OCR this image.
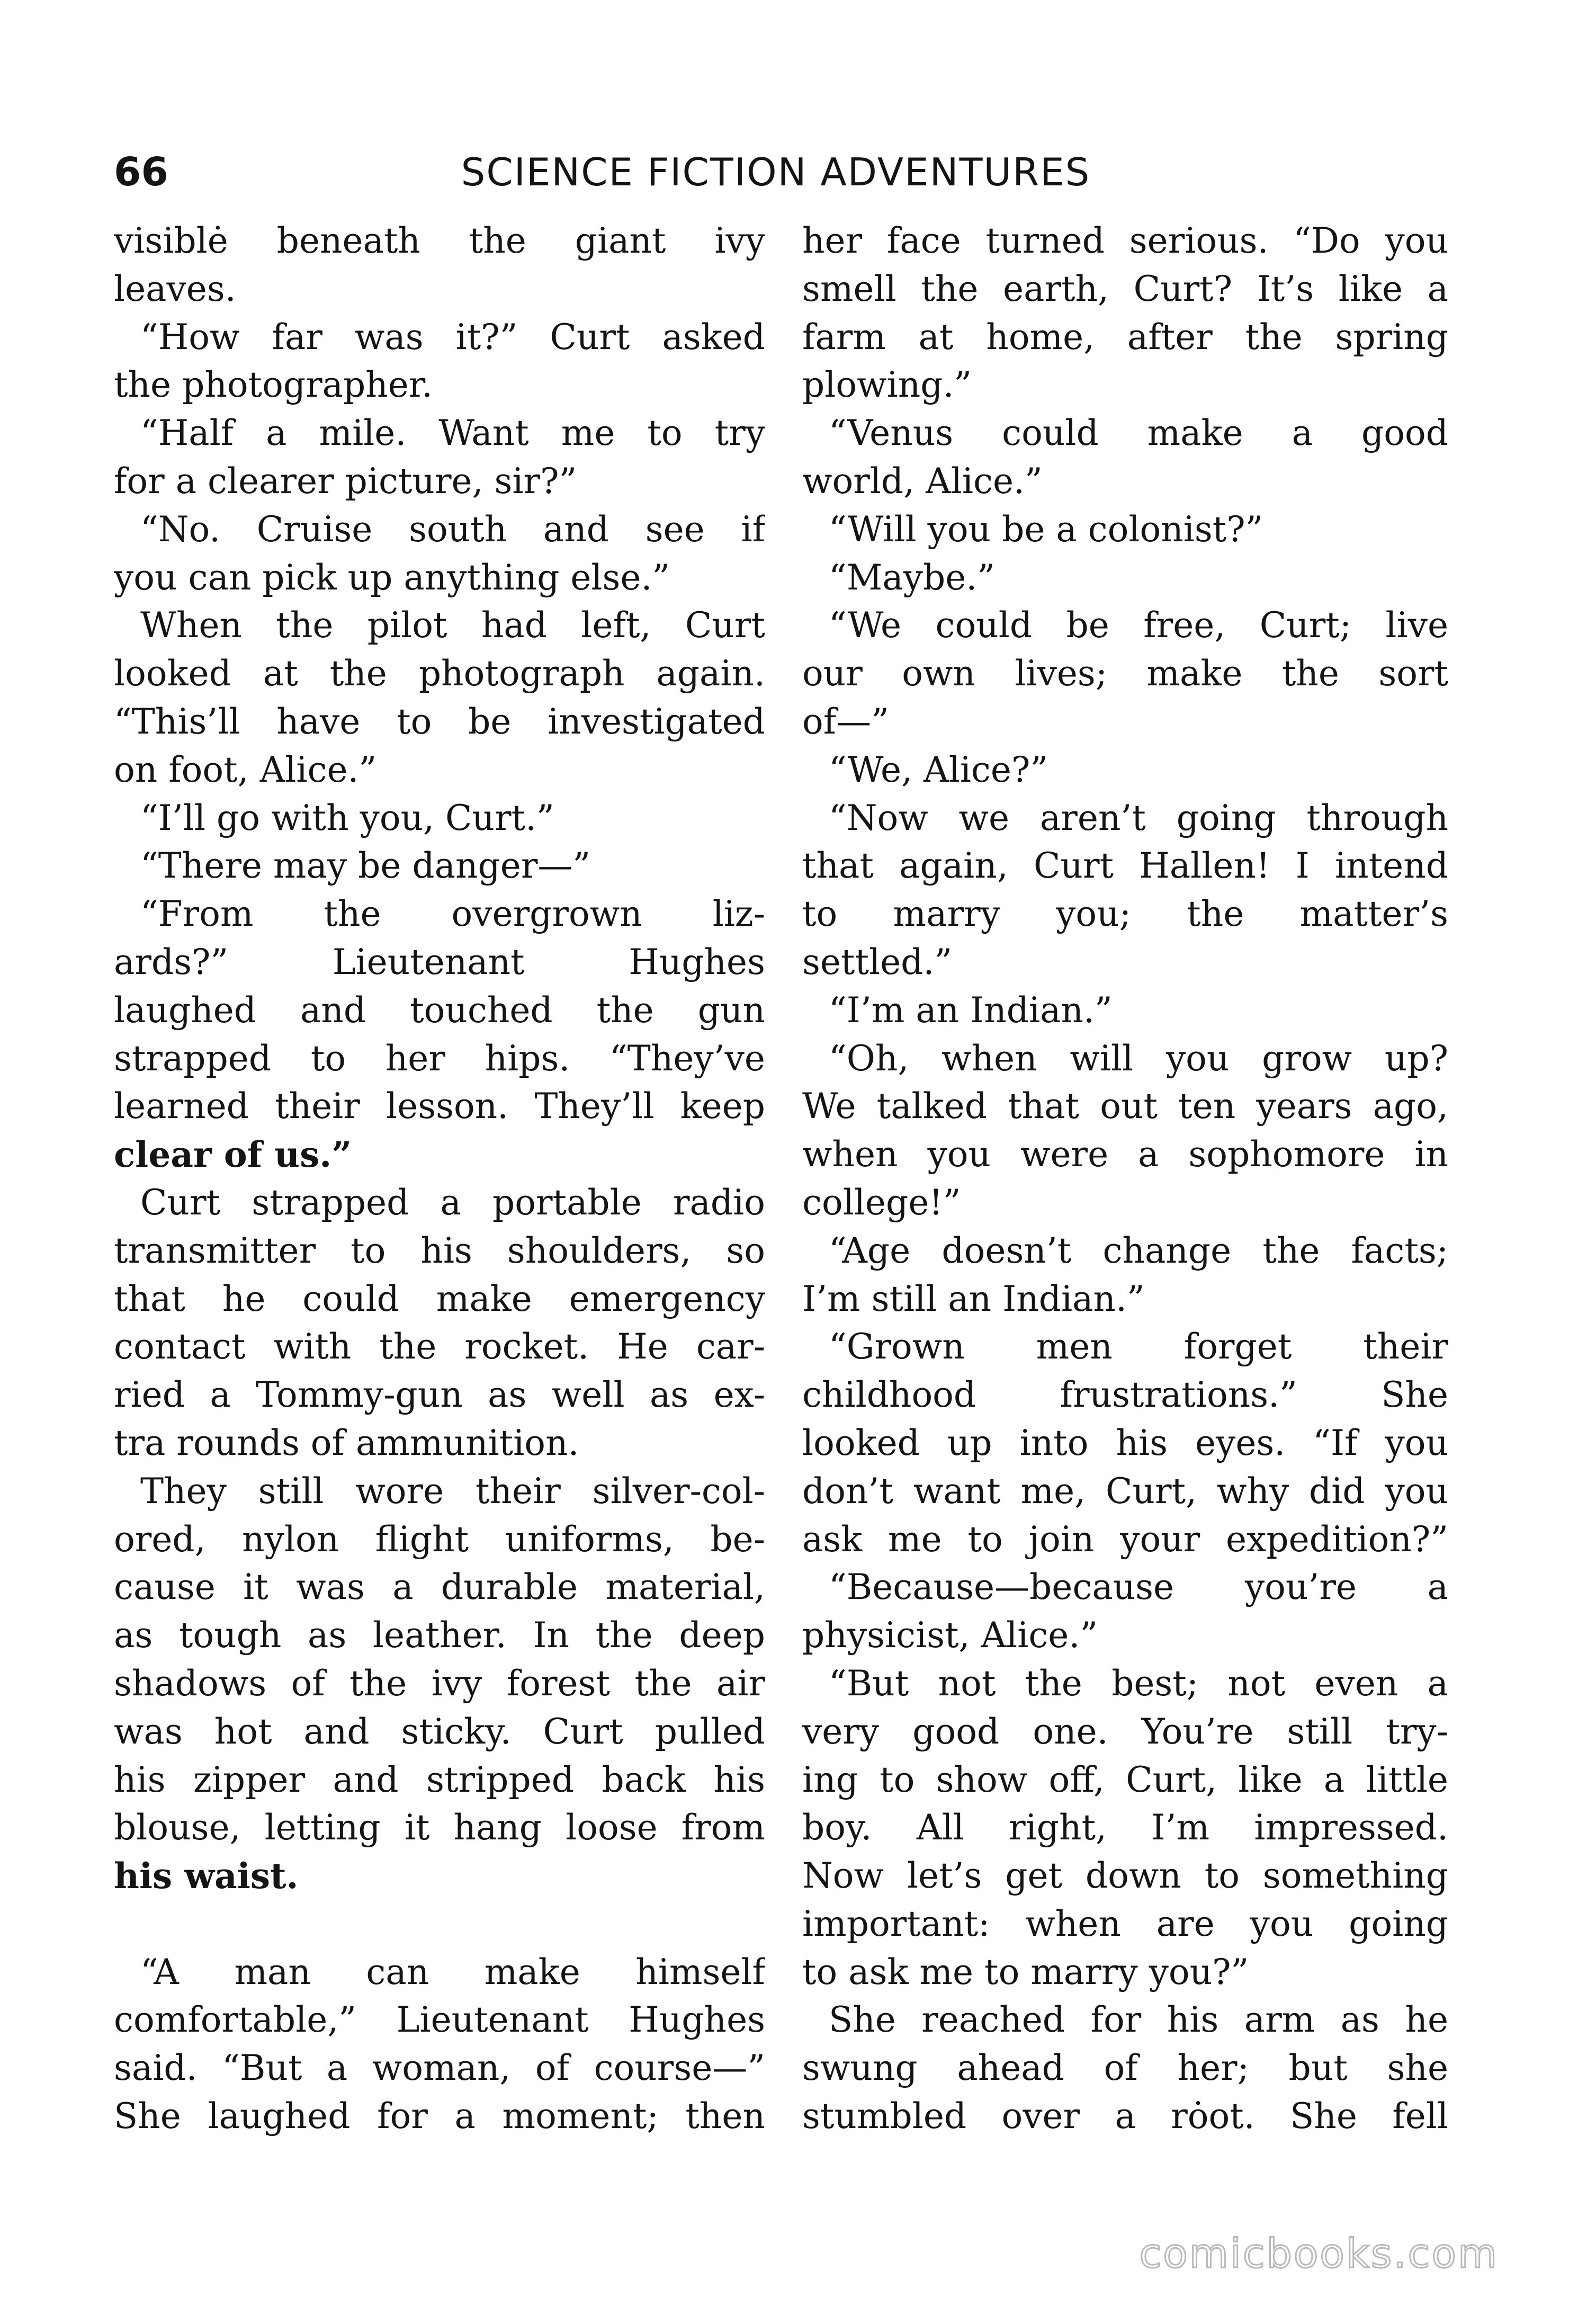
66	SCIENCE FICTION ADVENTURES
visiblė beneath the giant ivy
leaves.
“How far was it?” Curt asked
the photographer.
“Half a mile. Want me to try
for a clearer picture, sir?”
“No. Cruise south and see if
you can pick up anything else.”
When the pilot had left, Curt
looked at the photograph again.
“This’ll have to be investigated
on foot, Alice.”
“I’ll go with you, Curt.”
“There may be danger—”
“From the overgrown liz-
ards?” Lieutenant Hughes
laughed and touched the gun
strapped to her hips. “They’ve
learned their lesson. They’ll keep
clear of us.”
Curt strapped a portable radio
transmitter to his shoulders, so
that he could make emergency
contact with the rocket. He car-
ried a Tommy-gun as well as ex-
tra rounds of ammunition.
They still wore their silver-col-
ored, nylon flight uniforms, be-
cause it was a durable material,
as tough as leather. In the deep
shadows of the ivy forest the air
was hot and sticky. Curt pulled
his zipper and stripped back his
blouse, letting it hang loose from
his waist.
“A man can make himself
comfortable,” Lieutenant Hughes
said. “But a woman, of course—”
She laughed for a moment; then
her face turned serious. “Do you
smell the earth, Curt? It’s like a
farm at home, after the spring
plowing.”
“Venus could make a good
world, Alice.”
“Will you be a colonist?”
“Maybe.”
“We could be free, Curt; live
our own lives; make the sort
of—”
“We, Alice?”
“Now we aren’t going through
that again, Curt Hallen! I intend
to marry you; the matter’s
settled.”
“I’m an Indian.”
“Oh, when will you grow up?
We talked that out ten years ago,
when you were a sophomore in
college!”
“Age doesn’t change the facts;
I’m still an Indian.”
“Grown men forget their
childhood frustrations.” She
looked up into his eyes. “If you
don’t want me, Curt, why did you
ask me to join your expedition?”
“Because—because you’re a
physicist, Alice.”
“But not the best; not even a
very good one. You’re still try-
ing to show off, Curt, like a little
boy. All right, I’m impressed.
Now let’s get down to something
important: when are you going
to ask me to marry you?”
She reached for his arm as he
swung ahead of her; but she
stumbled over a rȯot. She fell
comicbooks.com
